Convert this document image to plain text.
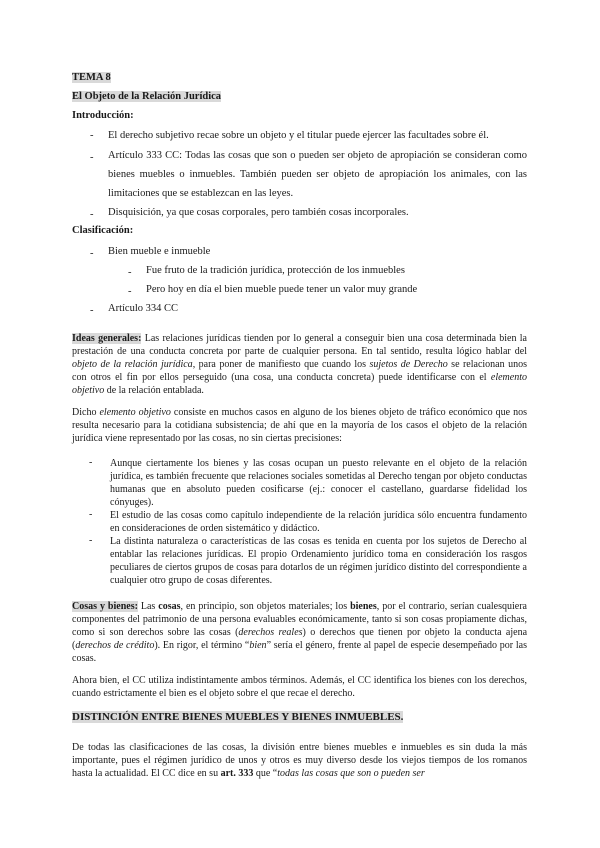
TEMA 8
El Objeto de la Relación Jurídica
Introducción:
- El derecho subjetivo recae sobre un objeto y el titular puede ejercer las facultades sobre él.
- Artículo 333 CC: Todas las cosas que son o pueden ser objeto de apropiación se consideran como bienes muebles o inmuebles. También pueden ser objeto de apropiación los animales, con las limitaciones que se establezcan en las leyes.
- Disquisición, ya que cosas corporales, pero también cosas incorporales.
Clasificación:
- Bien mueble e inmueble
- Fue fruto de la tradición jurídica, protección de los inmuebles
- Pero hoy en día el bien mueble puede tener un valor muy grande
- Artículo 334 CC
Ideas generales: Las relaciones jurídicas tienden por lo general a conseguir bien una cosa determinada bien la prestación de una conducta concreta por parte de cualquier persona. En tal sentido, resulta lógico hablar del objeto de la relación jurídica, para poner de manifiesto que cuando los sujetos de Derecho se relacionan unos con otros el fin por ellos perseguido (una cosa, una conducta concreta) puede identificarse con el elemento objetivo de la relación entablada.
Dicho elemento objetivo consiste en muchos casos en alguno de los bienes objeto de tráfico económico que nos resulta necesario para la cotidiana subsistencia; de ahí que en la mayoría de los casos el objeto de la relación jurídica viene representado por las cosas, no sin ciertas precisiones:
- Aunque ciertamente los bienes y las cosas ocupan un puesto relevante en el objeto de la relación jurídica, es también frecuente que relaciones sociales sometidas al Derecho tengan por objeto conductas humanas que en absoluto pueden cosificarse (ej.: conocer el castellano, guardarse fidelidad los cónyuges).
- El estudio de las cosas como capítulo independiente de la relación jurídica sólo encuentra fundamento en consideraciones de orden sistemático y didáctico.
- La distinta naturaleza o características de las cosas es tenida en cuenta por los sujetos de Derecho al entablar las relaciones jurídicas. El propio Ordenamiento jurídico toma en consideración los rasgos peculiares de ciertos grupos de cosas para dotarlos de un régimen jurídico distinto del correspondiente a cualquier otro grupo de cosas diferentes.
Cosas y bienes: Las cosas, en principio, son objetos materiales; los bienes, por el contrario, serían cualesquiera componentes del patrimonio de una persona evaluables económicamente, tanto si son cosas propiamente dichas, como si son derechos sobre las cosas (derechos reales) o derechos que tienen por objeto la conducta ajena (derechos de crédito). En rigor, el término “bien” sería el género, frente al papel de especie desempeñado por las cosas.
Ahora bien, el CC utiliza indistintamente ambos términos. Además, el CC identifica los bienes con los derechos, cuando estrictamente el bien es el objeto sobre el que recae el derecho.
DISTINCIÓN ENTRE BIENES MUEBLES Y BIENES INMUEBLES.
De todas las clasificaciones de las cosas, la división entre bienes muebles e inmuebles es sin duda la más importante, pues el régimen jurídico de unos y otros es muy diverso desde los viejos tiempos de los romanos hasta la actualidad. El CC dice en su art. 333 que “todas las cosas que son o pueden ser
